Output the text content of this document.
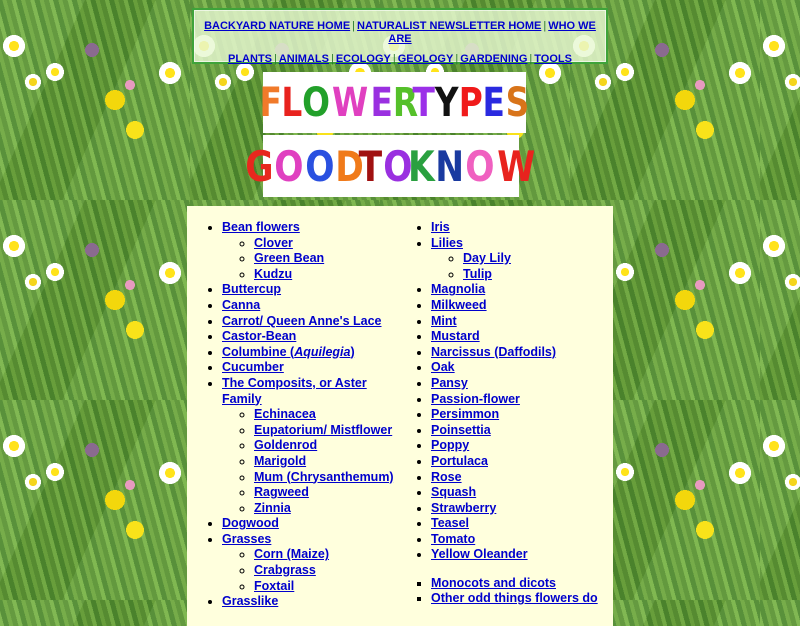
BACKYARD NATURE HOME | NATURALIST NEWSLETTER HOME | WHO WE ARE
PLANTS | ANIMALS | ECOLOGY | GEOLOGY | GARDENING | TOOLS
F
L O W E R
T Y P E S
G O O D
T O
K N O W
• Bean flowers
◦ Clover
◦ Green Bean
◦ Kudzu
• Buttercup
• Canna
• Carrot/ Queen Anne's Lace
• Castor-Bean
• Columbine (Aquilegia)
• Cucumber
• The Composits, or Aster Family
◦ Echinacea
◦ Eupatorium/ Mistflower
◦ Goldenrod
◦ Marigold
◦ Mum (Chrysanthemum)
◦ Ragweed
◦ Zinnia
• Dogwood
• Grasses
◦ Corn (Maize)
◦ Crabgrass
◦ Foxtail
• Grasslike
• Iris
• Lilies
◦ Day Lily
◦ Tulip
• Magnolia
• Milkweed
• Mint
• Mustard
• Narcissus (Daffodils)
• Oak
• Pansy
• Passion-flower
• Persimmon
• Poinsettia
• Poppy
• Portulaca
• Rose
• Squash
• Strawberry
• Teasel
• Tomato
• Yellow Oleander
▪ Monocots and dicots
▪ Other odd things flowers do
